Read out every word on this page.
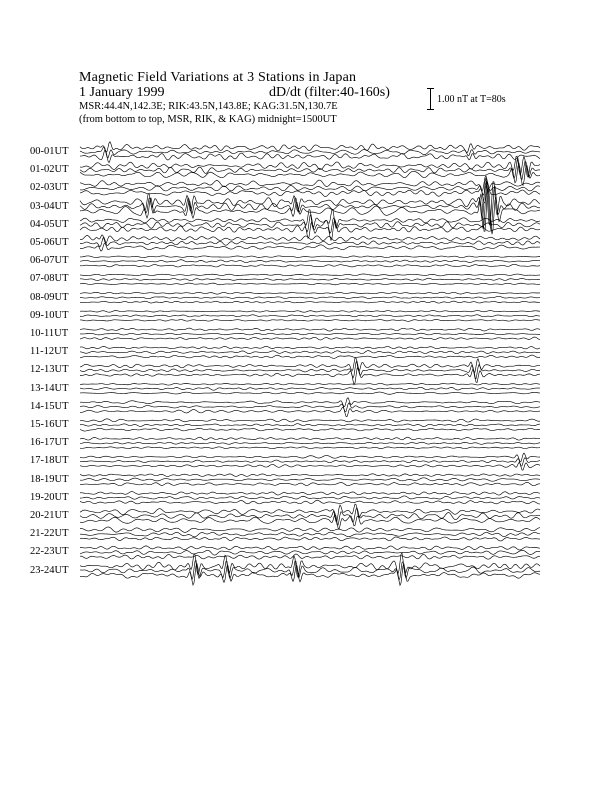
Magnetic Field Variations at 3 Stations in Japan
1 January 1999	dD/dt (filter:40-160s)
MSR:44.4N,142.3E; RIK:43.5N,143.8E; KAG:31.5N,130.7E
(from bottom to top, MSR, RIK, & KAG) midnight=1500UT
1.00 nT at T=80s
00-01UT
01-02UT
02-03UT
03-04UT
04-05UT
05-06UT
06-07UT
07-08UT
08-09UT
09-10UT
10-11UT
11-12UT
12-13UT
13-14UT
14-15UT
15-16UT
16-17UT
17-18UT
18-19UT
19-20UT
20-21UT
21-22UT
22-23UT
23-24UT
